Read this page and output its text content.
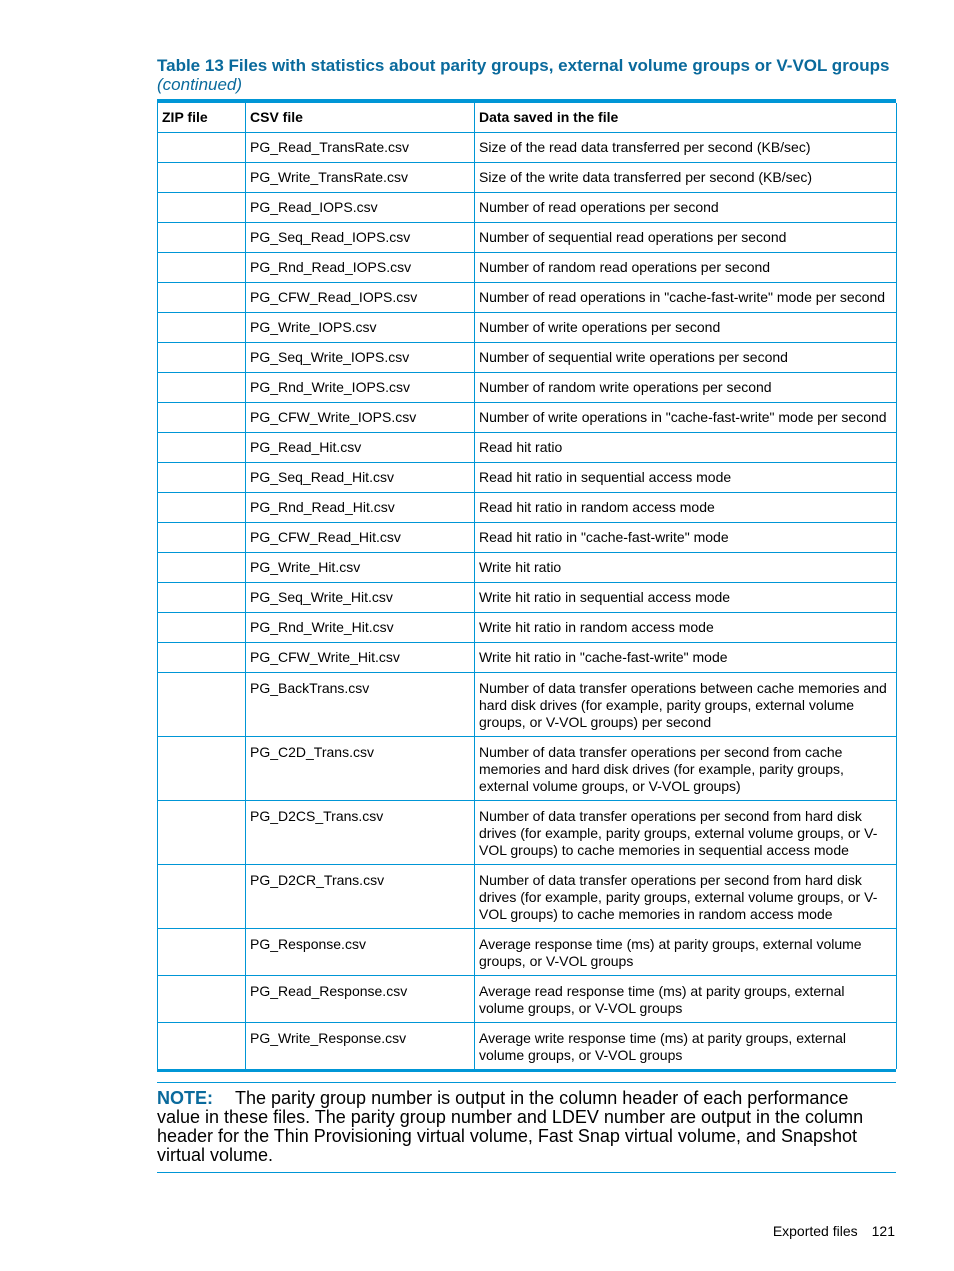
Table 13 Files with statistics about parity groups, external volume groups or V-VOL groups
(continued)
ZIP file	CSV file	Data saved in the file
	PG_Read_TransRate.csv	Size of the read data transferred per second (KB/sec)
	PG_Write_TransRate.csv	Size of the write data transferred per second (KB/sec)
	PG_Read_IOPS.csv	Number of read operations per second
	PG_Seq_Read_IOPS.csv	Number of sequential read operations per second
	PG_Rnd_Read_IOPS.csv	Number of random read operations per second
	PG_CFW_Read_IOPS.csv	Number of read operations in "cache-fast-write" mode per second
	PG_Write_IOPS.csv	Number of write operations per second
	PG_Seq_Write_IOPS.csv	Number of sequential write operations per second
	PG_Rnd_Write_IOPS.csv	Number of random write operations per second
	PG_CFW_Write_IOPS.csv	Number of write operations in "cache-fast-write" mode per second
	PG_Read_Hit.csv	Read hit ratio
	PG_Seq_Read_Hit.csv	Read hit ratio in sequential access mode
	PG_Rnd_Read_Hit.csv	Read hit ratio in random access mode
	PG_CFW_Read_Hit.csv	Read hit ratio in "cache-fast-write" mode
	PG_Write_Hit.csv	Write hit ratio
	PG_Seq_Write_Hit.csv	Write hit ratio in sequential access mode
	PG_Rnd_Write_Hit.csv	Write hit ratio in random access mode
	PG_CFW_Write_Hit.csv	Write hit ratio in "cache-fast-write" mode
	PG_BackTrans.csv	Number of data transfer operations between cache memories and hard disk drives (for example, parity groups, external volume groups, or V-VOL groups) per second
	PG_C2D_Trans.csv	Number of data transfer operations per second from cache memories and hard disk drives (for example, parity groups, external volume groups, or V-VOL groups)
	PG_D2CS_Trans.csv	Number of data transfer operations per second from hard disk drives (for example, parity groups, external volume groups, or V-VOL groups) to cache memories in sequential access mode
	PG_D2CR_Trans.csv	Number of data transfer operations per second from hard disk drives (for example, parity groups, external volume groups, or V-VOL groups) to cache memories in random access mode
	PG_Response.csv	Average response time (ms) at parity groups, external volume groups, or V-VOL groups
	PG_Read_Response.csv	Average read response time (ms) at parity groups, external volume groups, or V-VOL groups
	PG_Write_Response.csv	Average write response time (ms) at parity groups, external volume groups, or V-VOL groups
NOTE: The parity group number is output in the column header of each performance value in these files. The parity group number and LDEV number are output in the column header for the Thin Provisioning virtual volume, Fast Snap virtual volume, and Snapshot virtual volume.
Exported files 121
